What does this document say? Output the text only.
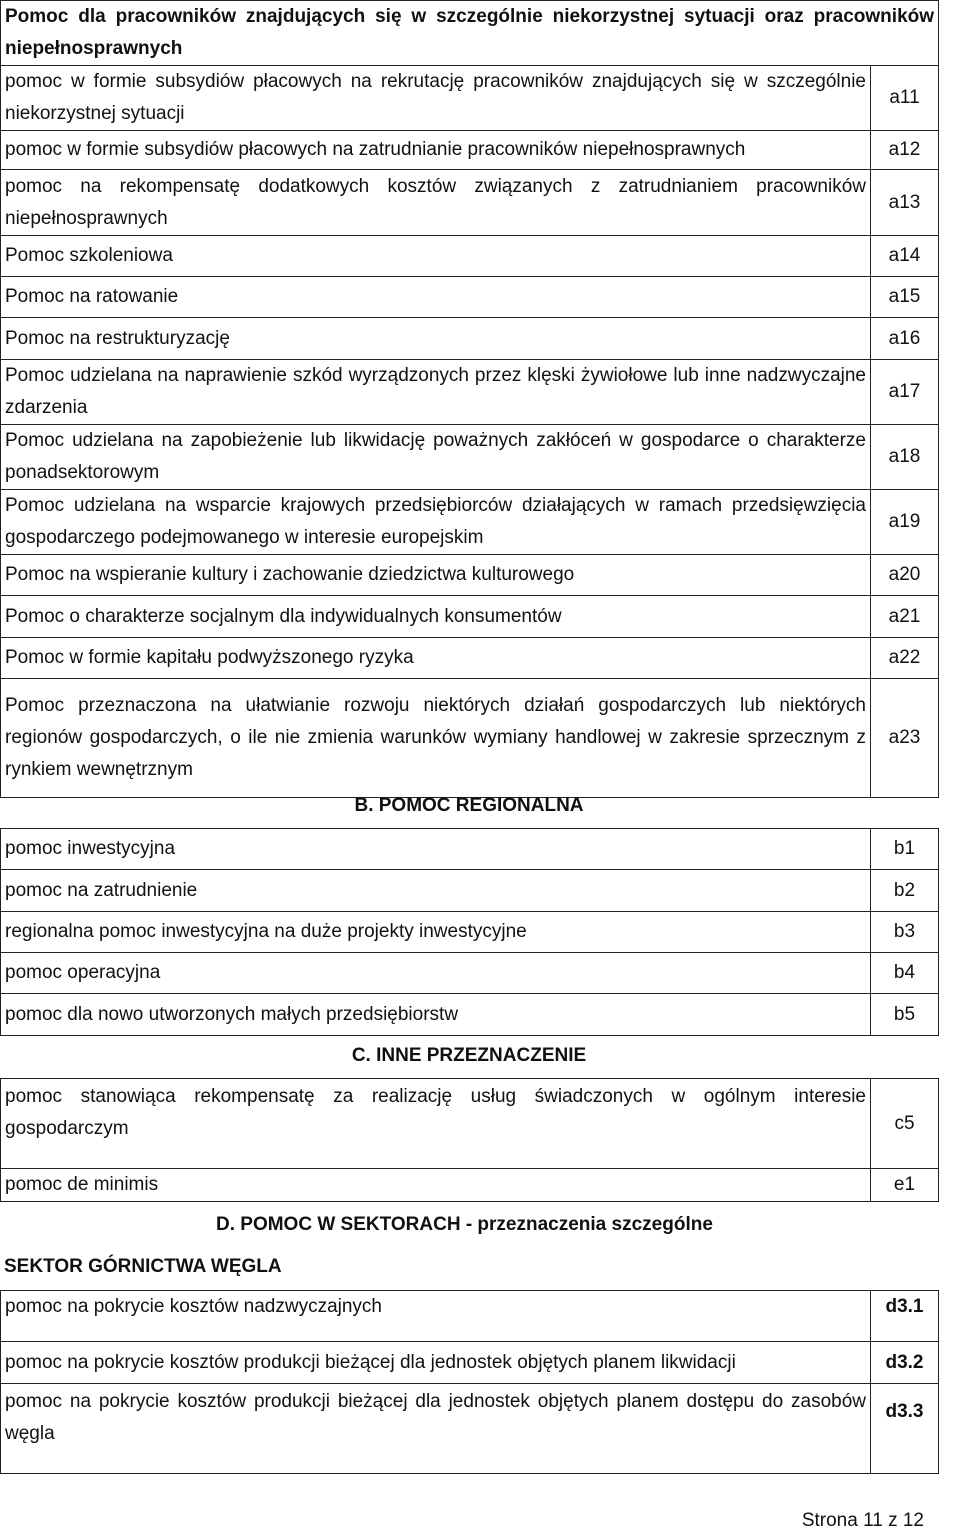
Pomoc dla pracowników znajdujących się w szczególnie niekorzystnej sytuacji oraz pracowników niepełnosprawnych	
pomoc w formie subsydiów płacowych na rekrutację pracowników znajdujących się w szczególnie niekorzystnej sytuacji	a11
pomoc w formie subsydiów płacowych na zatrudnianie pracowników niepełnosprawnych	a12
pomoc na rekompensatę dodatkowych kosztów związanych z zatrudnianiem pracowników niepełnosprawnych	a13
Pomoc szkoleniowa	a14
Pomoc na ratowanie	a15
Pomoc na restrukturyzację	a16
Pomoc udzielana na naprawienie szkód wyrządzonych przez klęski żywiołowe lub inne nadzwyczajne zdarzenia	a17
Pomoc udzielana na zapobieżenie lub likwidację poważnych zakłóceń w gospodarce o charakterze ponadsektorowym	a18
Pomoc udzielana na wsparcie krajowych przedsiębiorców działających w ramach przedsięwzięcia gospodarczego podejmowanego w interesie europejskim	a19
Pomoc na wspieranie kultury i zachowanie dziedzictwa kulturowego	a20
Pomoc o charakterze socjalnym dla indywidualnych konsumentów	a21
Pomoc w formie kapitału podwyższonego ryzyka	a22
Pomoc przeznaczona na ułatwianie rozwoju niektórych działań gospodarczych lub niektórych regionów gospodarczych, o ile nie zmienia warunków wymiany handlowej w zakresie sprzecznym z rynkiem wewnętrznym	a23
B. POMOC REGIONALNA
pomoc inwestycyjna	b1
pomoc na zatrudnienie	b2
regionalna pomoc inwestycyjna na duże projekty inwestycyjne	b3
pomoc operacyjna	b4
pomoc dla nowo utworzonych małych przedsiębiorstw	b5
C. INNE PRZEZNACZENIE
pomoc stanowiąca rekompensatę za realizację usług świadczonych w ogólnym interesie gospodarczym	c5
pomoc de minimis	e1
D. POMOC W SEKTORACH - przeznaczenia szczególne
SEKTOR GÓRNICTWA WĘGLA
pomoc na pokrycie kosztów nadzwyczajnych	d3.1
pomoc na pokrycie kosztów produkcji bieżącej dla jednostek objętych planem likwidacji	d3.2
pomoc na pokrycie kosztów produkcji bieżącej dla jednostek objętych planem dostępu do zasobów węgla	d3.3
Strona 11 z 12
